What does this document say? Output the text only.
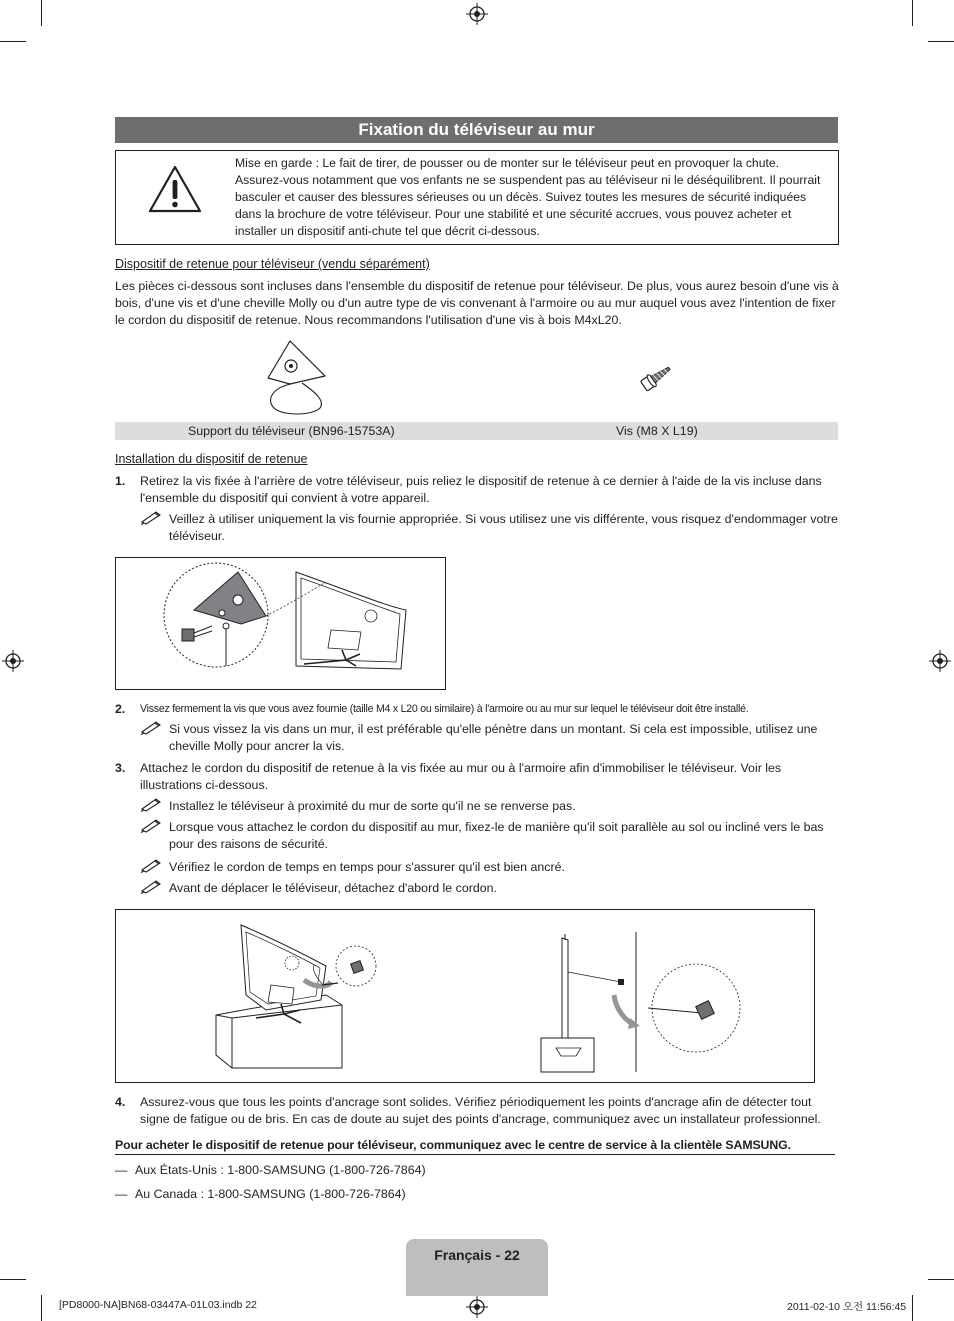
Fixation du téléviseur au mur
Mise en garde : Le fait de tirer, de pousser ou de monter sur le téléviseur peut en provoquer la chute. Assurez-vous notamment que vos enfants ne se suspendent pas au téléviseur ni le déséquilibrent. Il pourrait basculer et causer des blessures sérieuses ou un décès. Suivez toutes les mesures de sécurité indiquées dans la brochure de votre téléviseur. Pour une stabilité et une sécurité accrues, vous pouvez acheter et installer un dispositif anti-chute tel que décrit ci-dessous.
Dispositif de retenue pour téléviseur (vendu séparément)
Les pièces ci-dessous sont incluses dans l'ensemble du dispositif de retenue pour téléviseur. De plus, vous aurez besoin d'une vis à bois, d'une vis et d'une cheville Molly ou d'un autre type de vis convenant à l'armoire ou au mur auquel vous avez l'intention de fixer le cordon du dispositif de retenue. Nous recommandons l'utilisation d'une vis à bois M4xL20.
Support du téléviseur (BN96-15753A)	Vis (M8 X L19)
Installation du dispositif de retenue
1. Retirez la vis fixée à l'arrière de votre téléviseur, puis reliez le dispositif de retenue à ce dernier à l'aide de la vis incluse dans l'ensemble du dispositif qui convient à votre appareil.
Veillez à utiliser uniquement la vis fournie appropriée. Si vous utilisez une vis différente, vous risquez d'endommager votre téléviseur.
2. Vissez fermement la vis que vous avez fournie (taille M4 x L20 ou similaire) à l'armoire ou au mur sur lequel le téléviseur doit être installé.
Si vous vissez la vis dans un mur, il est préférable qu'elle pénètre dans un montant. Si cela est impossible, utilisez une cheville Molly pour ancrer la vis.
3. Attachez le cordon du dispositif de retenue à la vis fixée au mur ou à l'armoire afin d'immobiliser le téléviseur. Voir les illustrations ci-dessous.
Installez le téléviseur à proximité du mur de sorte qu'il ne se renverse pas.
Lorsque vous attachez le cordon du dispositif au mur, fixez-le de manière qu'il soit parallèle au sol ou incliné vers le bas pour des raisons de sécurité.
Vérifiez le cordon de temps en temps pour s'assurer qu'il est bien ancré.
Avant de déplacer le téléviseur, détachez d'abord le cordon.
4. Assurez-vous que tous les points d'ancrage sont solides. Vérifiez périodiquement les points d'ancrage afin de détecter tout signe de fatigue ou de bris. En cas de doute au sujet des points d'ancrage, communiquez avec un installateur professionnel.
Pour acheter le dispositif de retenue pour téléviseur, communiquez avec le centre de service à la clientèle SAMSUNG.
— Aux États-Unis : 1-800-SAMSUNG (1-800-726-7864)
— Au Canada : 1-800-SAMSUNG (1-800-726-7864)
Français - 22
[PD8000-NA]BN68-03447A-01L03.indb 22	2011-02-10 오전 11:56:45
